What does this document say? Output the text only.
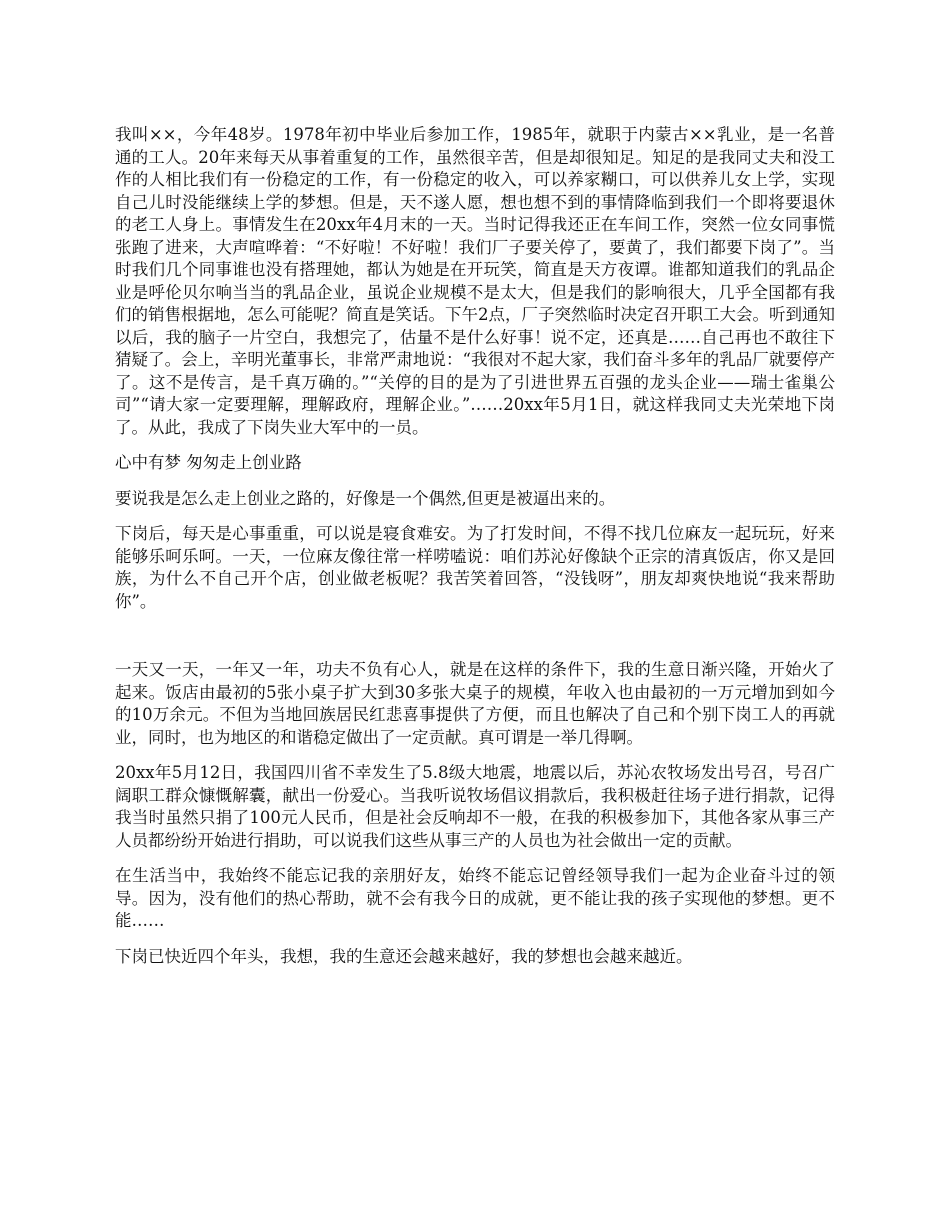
我叫××，今年48岁。1978年初中毕业后参加工作，1985年，就职于内蒙古××乳业，是一名普通的工人。20年来每天从事着重复的工作，虽然很辛苦，但是却很知足。知足的是我同丈夫和没工作的人相比我们有一份稳定的工作，有一份稳定的收入，可以养家糊口，可以供养儿女上学，实现自己儿时没能继续上学的梦想。但是，天不遂人愿，想也想不到的事情降临到我们一个即将要退休的老工人身上。事情发生在20xx年4月末的一天。当时记得我还正在车间工作，突然一位女同事慌张跑了进来，大声喧哗着：“不好啦！不好啦！我们厂子要关停了，要黄了，我们都要下岗了”。当时我们几个同事谁也没有搭理她，都认为她是在开玩笑，简直是天方夜谭。谁都知道我们的乳品企业是呼伦贝尔响当当的乳品企业，虽说企业规模不是太大，但是我们的影响很大，几乎全国都有我们的销售根据地，怎么可能呢？简直是笑话。下午2点，厂子突然临时决定召开职工大会。听到通知以后，我的脑子一片空白，我想完了，估量不是什么好事！说不定，还真是……自己再也不敢往下猜疑了。会上，辛明光董事长，非常严肃地说：“我很对不起大家，我们奋斗多年的乳品厂就要停产了。这不是传言，是千真万确的。”“关停的目的是为了引进世界五百强的龙头企业——瑞士雀巢公司”“请大家一定要理解，理解政府，理解企业。”……20xx年5月1日，就这样我同丈夫光荣地下岗了。从此，我成了下岗失业大军中的一员。

心中有梦 匆匆走上创业路

要说我是怎么走上创业之路的，好像是一个偶然,但更是被逼出来的。

下岗后，每天是心事重重，可以说是寝食难安。为了打发时间，不得不找几位麻友一起玩玩，好来能够乐呵乐呵。一天，一位麻友像往常一样唠嗑说：咱们苏沁好像缺个正宗的清真饭店，你又是回族，为什么不自己开个店，创业做老板呢？我苦笑着回答，“没钱呀”，朋友却爽快地说“我来帮助你”。

一天又一天，一年又一年，功夫不负有心人，就是在这样的条件下，我的生意日渐兴隆，开始火了起来。饭店由最初的5张小桌子扩大到30多张大桌子的规模，年收入也由最初的一万元增加到如今的10万余元。不但为当地回族居民红悲喜事提供了方便，而且也解决了自己和个别下岗工人的再就业，同时，也为地区的和谐稳定做出了一定贡献。真可谓是一举几得啊。

20xx年5月12日，我国四川省不幸发生了5.8级大地震，地震以后，苏沁农牧场发出号召，号召广阔职工群众慷慨解囊，献出一份爱心。当我听说牧场倡议捐款后，我积极赶往场子进行捐款，记得我当时虽然只捐了100元人民币，但是社会反响却不一般，在我的积极参加下，其他各家从事三产人员都纷纷开始进行捐助，可以说我们这些从事三产的人员也为社会做出一定的贡献。

在生活当中，我始终不能忘记我的亲朋好友，始终不能忘记曾经领导我们一起为企业奋斗过的领导。因为，没有他们的热心帮助，就不会有我今日的成就，更不能让我的孩子实现他的梦想。更不能……

下岗已快近四个年头，我想，我的生意还会越来越好，我的梦想也会越来越近。
